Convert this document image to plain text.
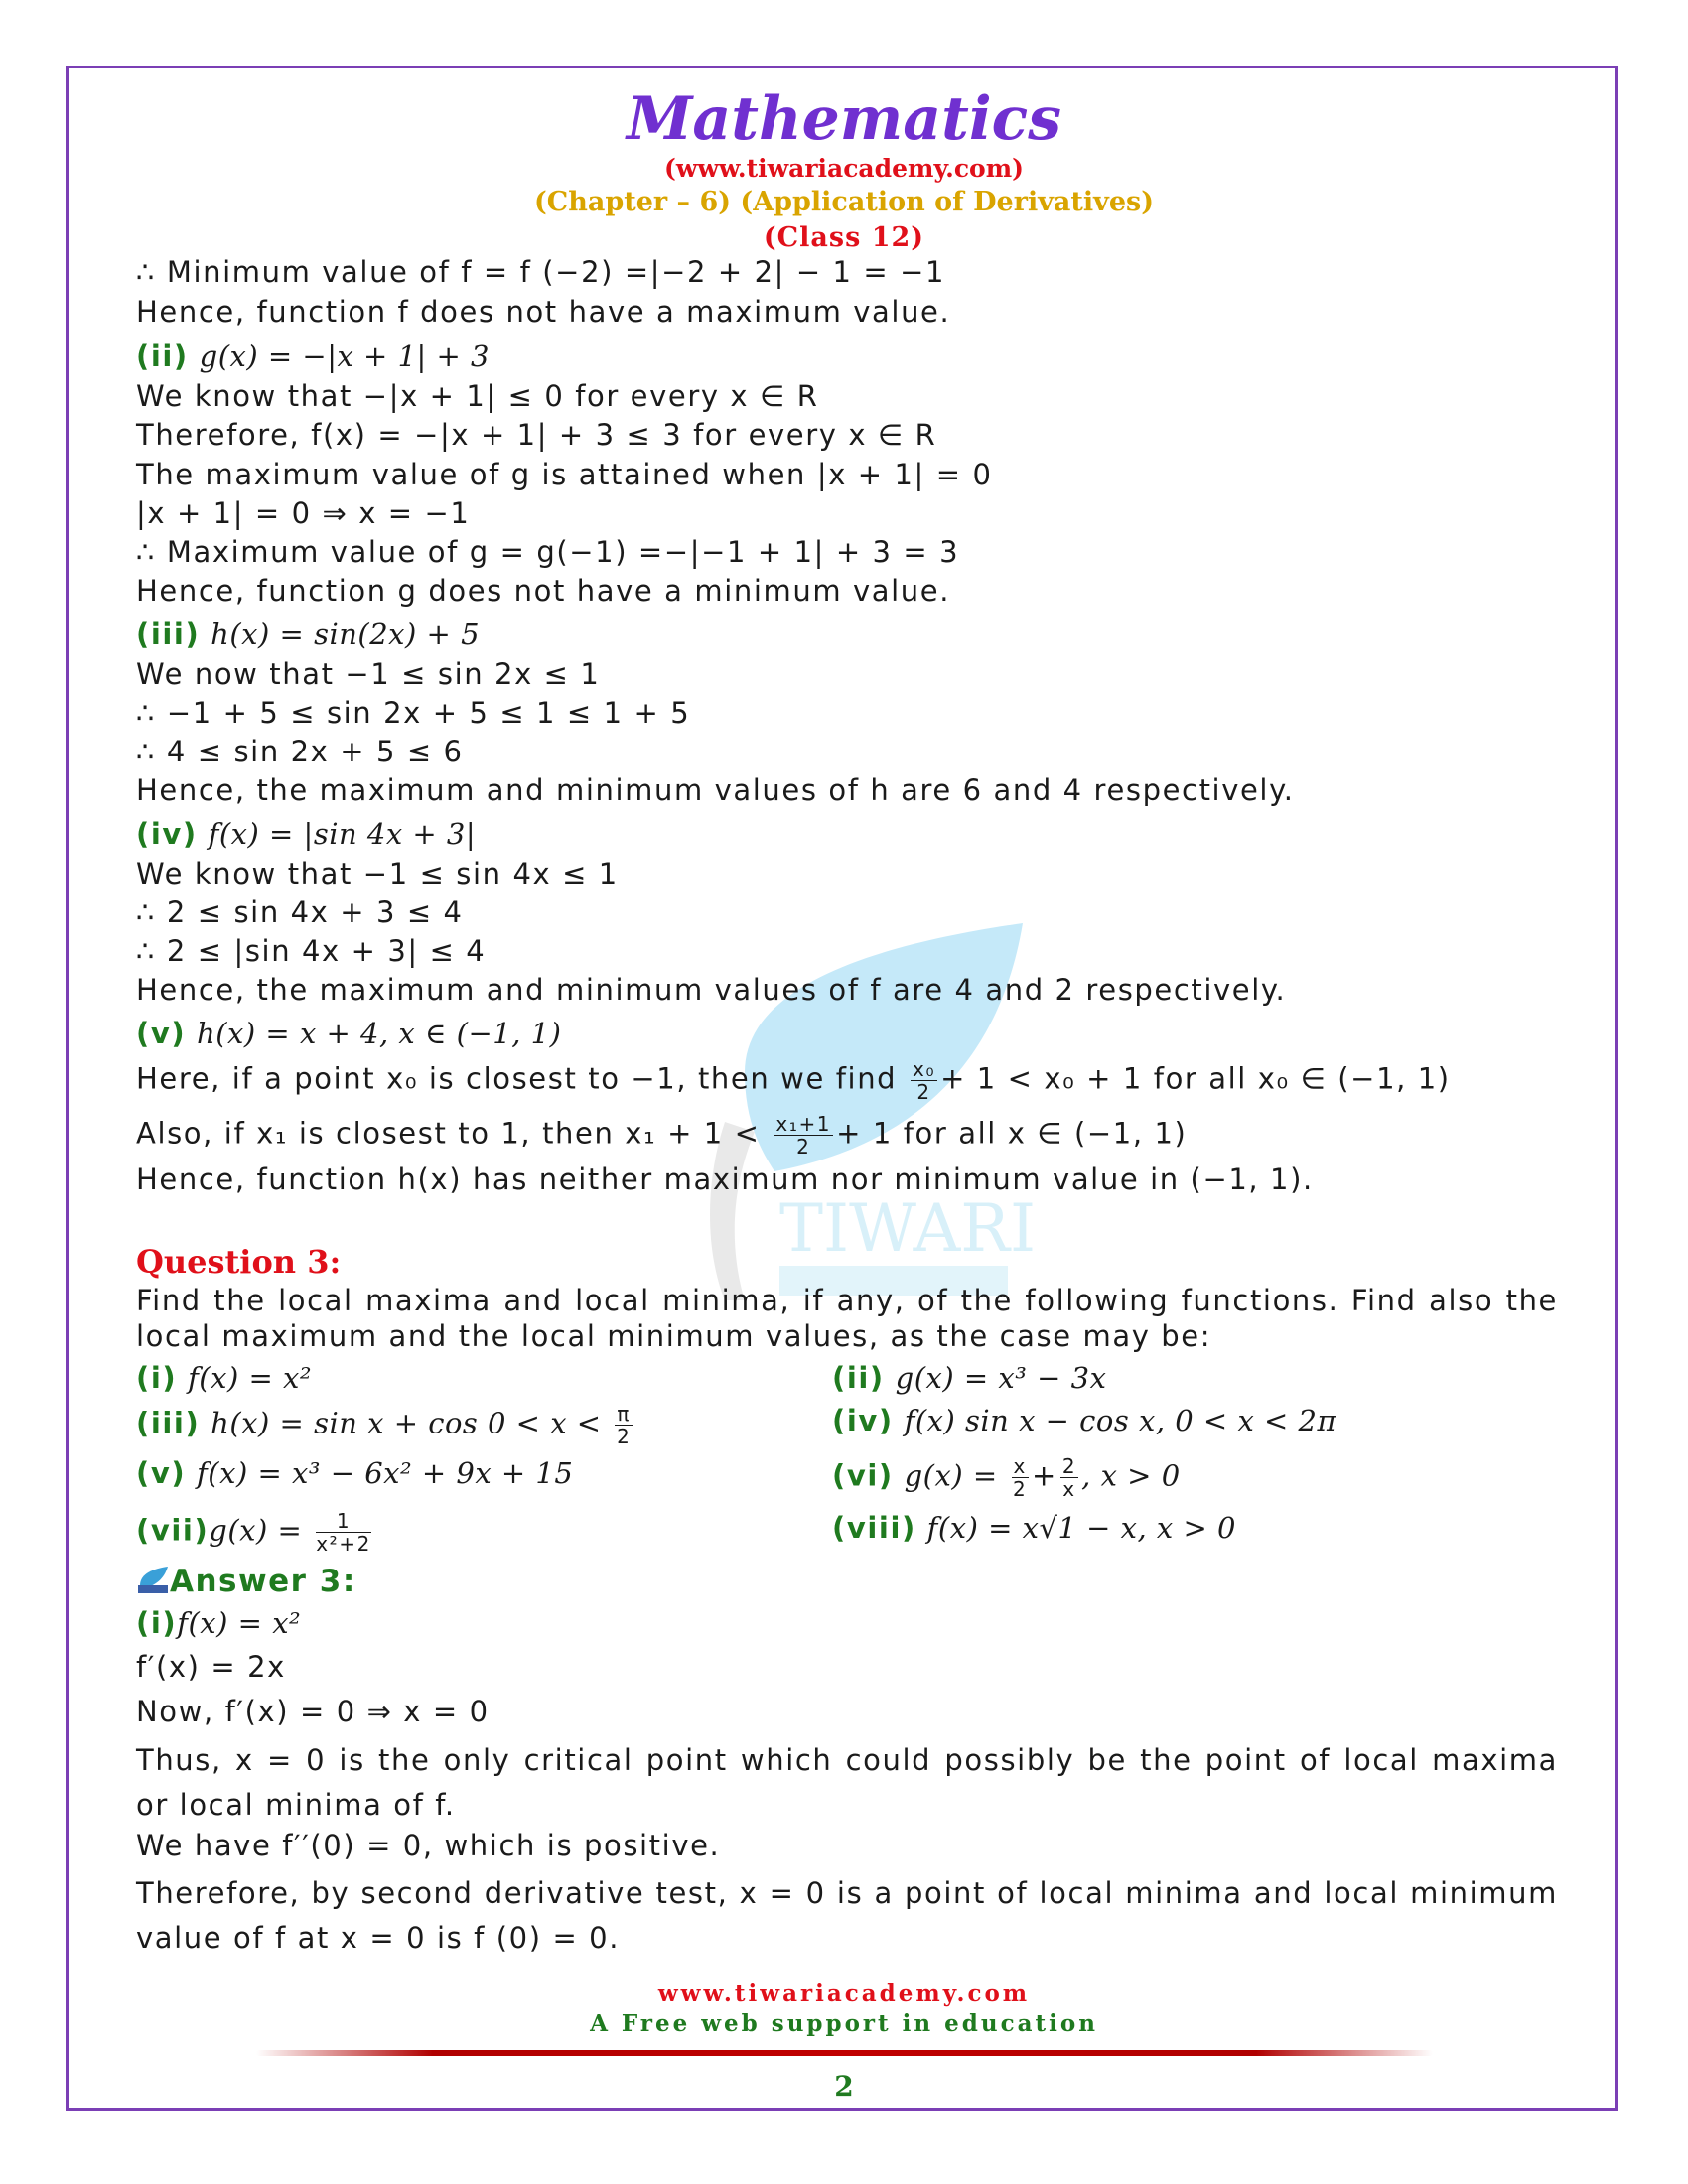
Mathematics
(www.tiwariacademy.com)
(Chapter – 6) (Application of Derivatives)
(Class 12)
TIWARI
∴ Minimum value of f = f (−2) =|−2 + 2| − 1 = −1
Hence, function f does not have a maximum value.
(ii) g(x) = −|x + 1| + 3
We know that −|x + 1| ≤ 0 for every x ∈ R
Therefore, f(x) = −|x + 1| + 3 ≤ 3 for every x ∈ R
The maximum value of g is attained when |x + 1| = 0
|x + 1| = 0 ⇒ x = −1
∴ Maximum value of g = g(−1) =−|−1 + 1| + 3 = 3
Hence, function g does not have a minimum value.
(iii) h(x) = sin(2x) + 5
We now that −1 ≤ sin 2x ≤ 1
∴ −1 + 5 ≤ sin 2x + 5 ≤ 1 ≤ 1 + 5
∴ 4 ≤ sin 2x + 5 ≤ 6
Hence, the maximum and minimum values of h are 6 and 4 respectively.
(iv) f(x) = |sin 4x + 3|
We know that −1 ≤ sin 4x ≤ 1
∴ 2 ≤ sin 4x + 3 ≤ 4
∴ 2 ≤ |sin 4x + 3| ≤ 4
Hence, the maximum and minimum values of f are 4 and 2 respectively.
(v) h(x) = x + 4, x ∈ (−1, 1)
Here, if a point x₀ is closest to −1, then we find $\frac{\text{x₀}}{2} + 1 < x_0 + 1$ for all x₀ ∈ (−1, 1)
Also, if x₁ is closest to 1, then $x_1 + 1 < \frac{\text{x₁+1}}{2} + 1$ for all x ∈ (−1, 1)
Hence, function h(x) has neither maximum nor minimum value in (−1, 1).
Question 3:
Find the local maxima and local minima, if any, of the following functions. Find also the local maximum and the local minimum values, as the case may be:
(i) f(x) = x²	(ii) g(x) = x³ − 3x
(iii) $h(x) = \sin x + \cos 0 < x < \frac{\pi}{2}$	(iv) f(x) sin x − cos x, 0 < x < 2π
(v) f(x) = x³ − 6x² + 9x + 15	(vi) $g(x) = \frac{x}{2} + \frac{2}{x}$ , x > 0
$(vii)g(x) = \frac{1}{\text{x²+2}}$	(viii) f(x) = x√1 − x, x > 0
Answer 3:
(i)f(x) = x²
f′(x) = 2x
Now, f′(x) = 0 ⇒ x = 0
Thus, x = 0 is the only critical point which could possibly be the point of local maxima or local minima of f.
We have f′′(0) = 0, which is positive.
Therefore, by second derivative test, x = 0 is a point of local minima and local minimum value of f at x = 0 is f (0) = 0.
www.tiwariacademy.com
A Free web support in education
2
